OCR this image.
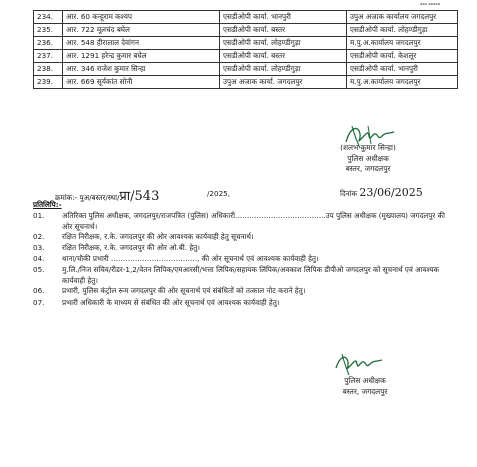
▪▪▪ ▪▪▪▪▪
234.	आर. 60 कन्हूराम कश्यप	एसडीओपी कार्या. भानपुरी	उपुअ अजाक कार्यालय जगदलपुर
235.	आर. 722 मूलचंद बघेल	एसडीओपी कार्या. बस्तर	एसडीओपी कार्या. लोहण्डीगुड़ा
236.	आर. 548 हीरालाल देवांगन	एसडीओपी कार्या. लोहण्डीगुड़ा	म.पु.अ.कार्यालय जगदलपुर
237.	आर. 1291 हरेन्द्र कुमार बघेल	एसडीओपी कार्या. बस्तर	एसडीओपी कार्या. केशलूर
238.	आर. 346 राजेश कुमार सिन्हा	एसडीओपी कार्या. लोहण्डीगुड़ा	एसडीओपी कार्या. भानपुरी
239.	आर. 669 सूर्यकांत सोनी	उपुअ अजाक कार्या. जगदलपुर	म.पु.अ.कार्यालय जगदलपुर
(शलभ कुमार सिन्हा)
पुलिस अधीक्षक
बस्तर, जगदलपुर
क्रमांक:- पुअ/बस्तर/स्था/प्रा/543	/2025,	दिनांक 23/06/2025
प्रतिलिपि:-
01.	अतिरिक्त पुलिस अधीक्षक, जगदलपुर/राजपत्रित (पुलिस) अधिकारी………………………………..उप पुलिस अधीक्षक (मुख्यालय) जगदलपुर की ओर सूचनार्थ।
02.	रक्षित निरीक्षक, र.के. जगदलपुर की ओर आवश्यक कार्यवाही हेतु सूचनार्थ।
03.	रक्षित निरीक्षक, र.के. जगदलपुर की ओर ओ.बी. हेतु।
04.	थाना/चौकी प्रभारी ………………………………, की ओर सूचनार्थ एवं आवश्यक कार्यवाही हेतु।
05.	मु.लि./निज सचिव/रीडर-1,2/वेतन लिपिक/एमआरसी/भत्ता लिपिक/सहायक लिपिक/अवकाश लिपिक डीपीओ जगदलपुर को सूचनार्थ एवं आवश्यक कार्यवाही हेतु।
06.	प्रभारी, पुलिस कंट्रोल रूम जगदलपुर की ओर सूचनार्थ एवं संबंधितों को तत्काल नोट कराने हेतु।
07.	प्रभारी अधिकारी के माध्यम से संबंधित की ओर सूचनार्थ एवं आवश्यक कार्यवाही हेतु।
पुलिस अधीक्षक
बस्तर, जगदलपुर
